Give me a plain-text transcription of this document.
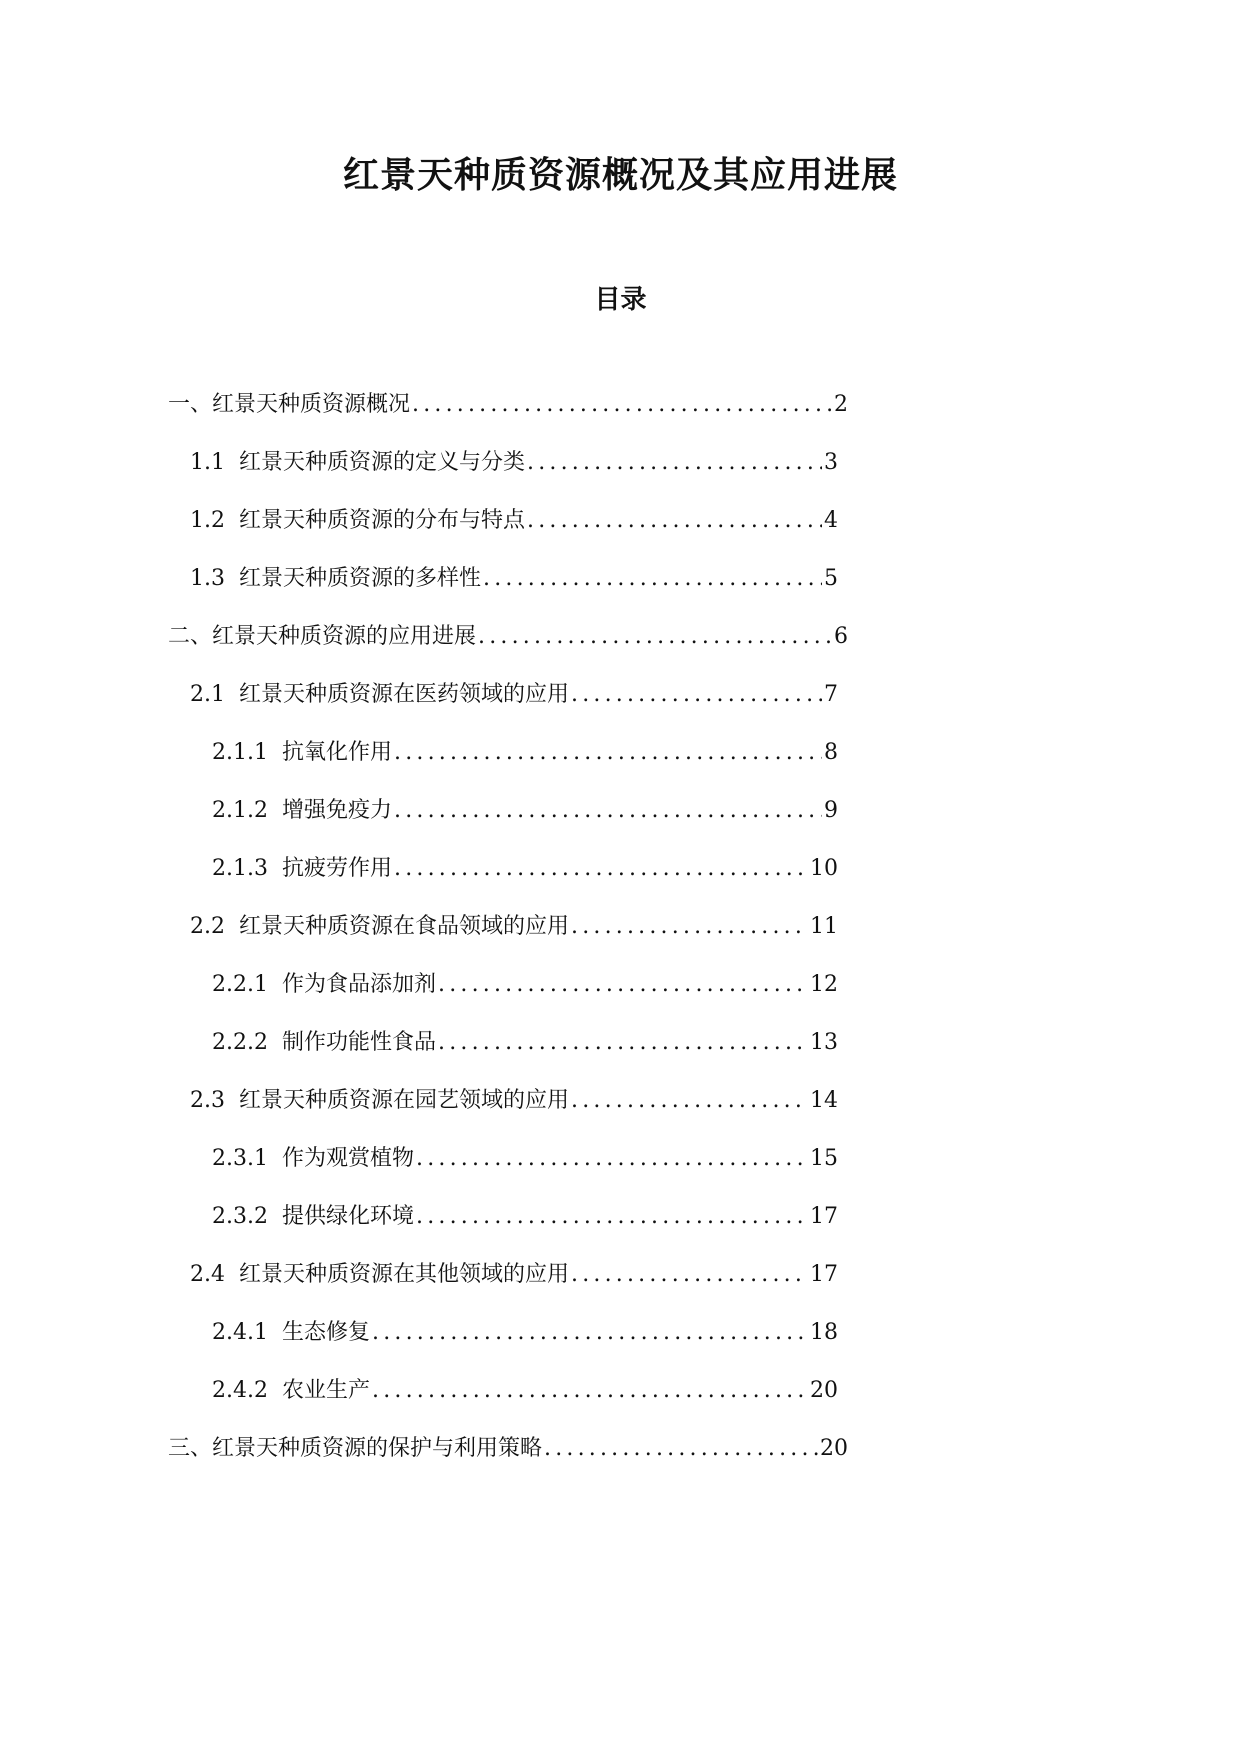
红景天种质资源概况及其应用进展
目录
一、红景天种质资源概况 .....	2
1.1 红景天种质资源的定义与分类 .....	3
1.2 红景天种质资源的分布与特点 .....	4
1.3 红景天种质资源的多样性 .....	5
二、红景天种质资源的应用进展 .....	6
2.1 红景天种质资源在医药领域的应用 .....	7
2.1.1 抗氧化作用 .....	8
2.1.2 增强免疫力 .....	9
2.1.3 抗疲劳作用 .....	10
2.2 红景天种质资源在食品领域的应用 .....	11
2.2.1 作为食品添加剂 .....	12
2.2.2 制作功能性食品 .....	13
2.3 红景天种质资源在园艺领域的应用 .....	14
2.3.1 作为观赏植物 .....	15
2.3.2 提供绿化环境 .....	17
2.4 红景天种质资源在其他领域的应用 .....	17
2.4.1 生态修复 .....	18
2.4.2 农业生产 .....	20
三、红景天种质资源的保护与利用策略 .....	20
